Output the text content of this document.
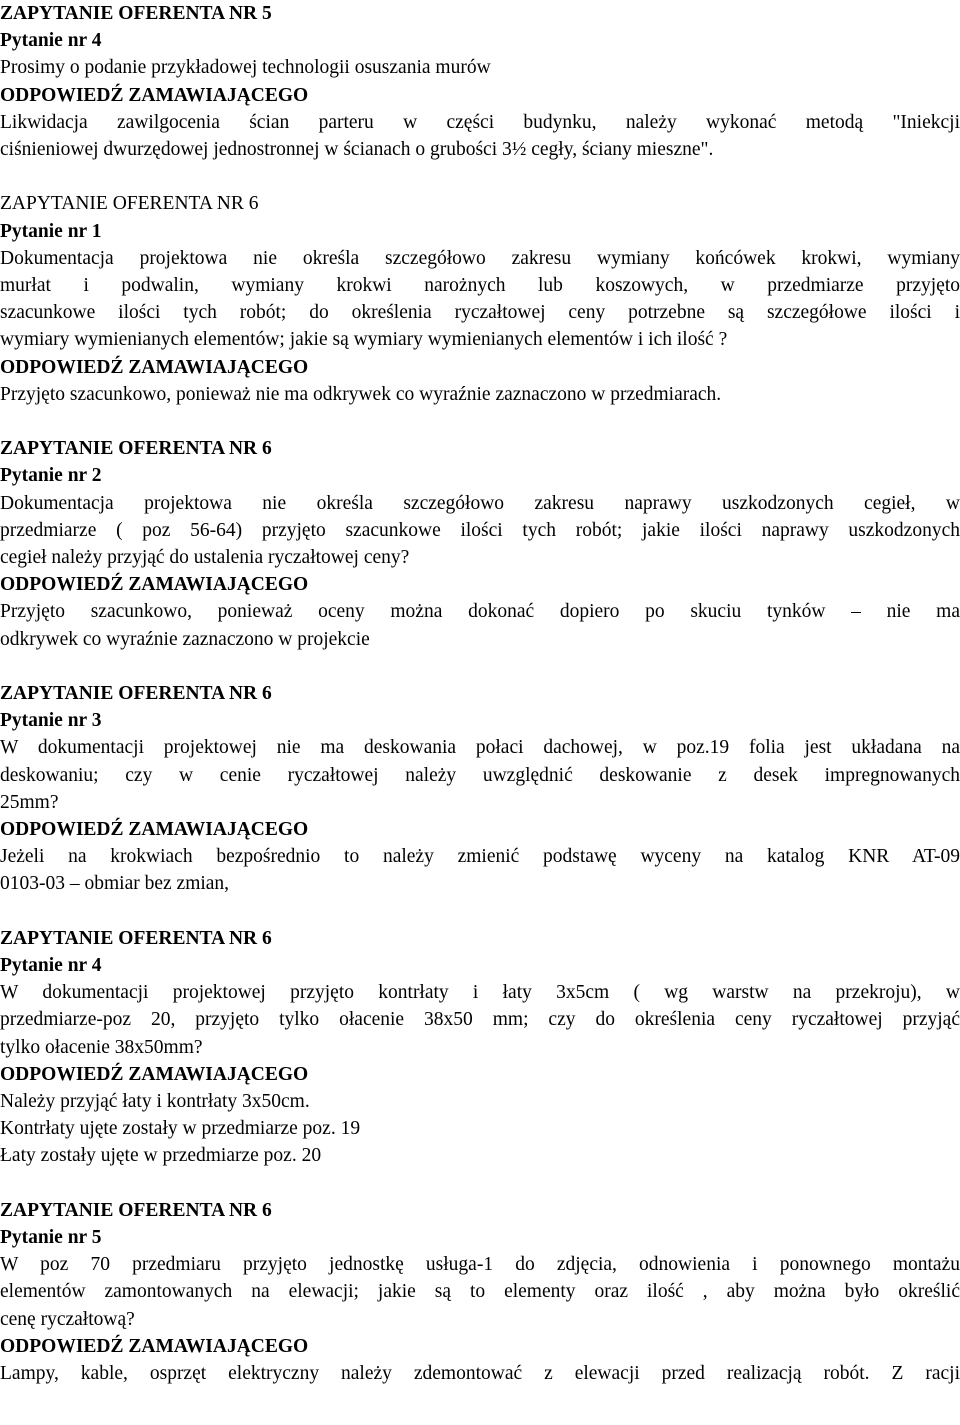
ZAPYTANIE OFERENTA NR 5

Pytanie nr 4

Prosimy o podanie przykładowej technologii osuszania murów

ODPOWIEDŹ ZAMAWIAJĄCEGO

Likwidacja zawilgocenia ścian parteru w części budynku, należy wykonać metodą "Iniekcji
ciśnieniowej dwurzędowej jednostronnej w ścianach o grubości 3½ cegły, ściany mieszne".

ZAPYTANIE OFERENTA NR 6

Pytanie nr 1

Dokumentacja projektowa nie określa szczegółowo zakresu wymiany końcówek krokwi, wymiany
murłat i podwalin, wymiany krokwi narożnych lub koszowych, w przedmiarze przyjęto
szacunkowe ilości tych robót; do określenia ryczałtowej ceny potrzebne są szczegółowe ilości i
wymiary wymienianych elementów; jakie są wymiary wymienianych elementów i ich ilość ?

ODPOWIEDŹ ZAMAWIAJĄCEGO

Przyjęto szacunkowo, ponieważ nie ma odkrywek co wyraźnie zaznaczono w przedmiarach.

ZAPYTANIE OFERENTA NR 6

Pytanie nr 2

Dokumentacja projektowa nie określa szczegółowo zakresu naprawy uszkodzonych cegieł, w
przedmiarze ( poz 56-64) przyjęto szacunkowe ilości tych robót; jakie ilości naprawy uszkodzonych
cegieł należy przyjąć do ustalenia ryczałtowej ceny?

ODPOWIEDŹ ZAMAWIAJĄCEGO

Przyjęto szacunkowo, ponieważ oceny można dokonać dopiero po skuciu tynków – nie ma
odkrywek co wyraźnie zaznaczono w projekcie

ZAPYTANIE OFERENTA NR 6

Pytanie nr 3

W dokumentacji projektowej nie ma deskowania połaci dachowej, w poz.19 folia jest układana na
deskowaniu; czy w cenie ryczałtowej należy uwzględnić deskowanie z desek impregnowanych
25mm?

ODPOWIEDŹ ZAMAWIAJĄCEGO

Jeżeli na krokwiach bezpośrednio to należy zmienić podstawę wyceny na katalog KNR AT-09
0103-03 – obmiar bez zmian,

ZAPYTANIE OFERENTA NR 6

Pytanie nr 4

W dokumentacji projektowej przyjęto kontrłaty i łaty 3x5cm ( wg warstw na przekroju), w
przedmiarze-poz 20, przyjęto tylko ołacenie 38x50 mm; czy do określenia ceny ryczałtowej przyjąć
tylko ołacenie 38x50mm?

ODPOWIEDŹ ZAMAWIAJĄCEGO

Należy przyjąć łaty i kontrłaty 3x50cm.
Kontrłaty ujęte zostały w przedmiarze poz. 19
Łaty zostały ujęte w przedmiarze poz. 20

ZAPYTANIE OFERENTA NR 6

Pytanie nr 5

W poz 70 przedmiaru przyjęto jednostkę usługa-1 do zdjęcia, odnowienia i ponownego montażu
elementów zamontowanych na elewacji; jakie są to elementy oraz ilość , aby można było określić
cenę ryczałtową?

ODPOWIEDŹ ZAMAWIAJĄCEGO

Lampy, kable, osprzęt elektryczny należy zdemontować z elewacji przed realizacją robót. Z racji
